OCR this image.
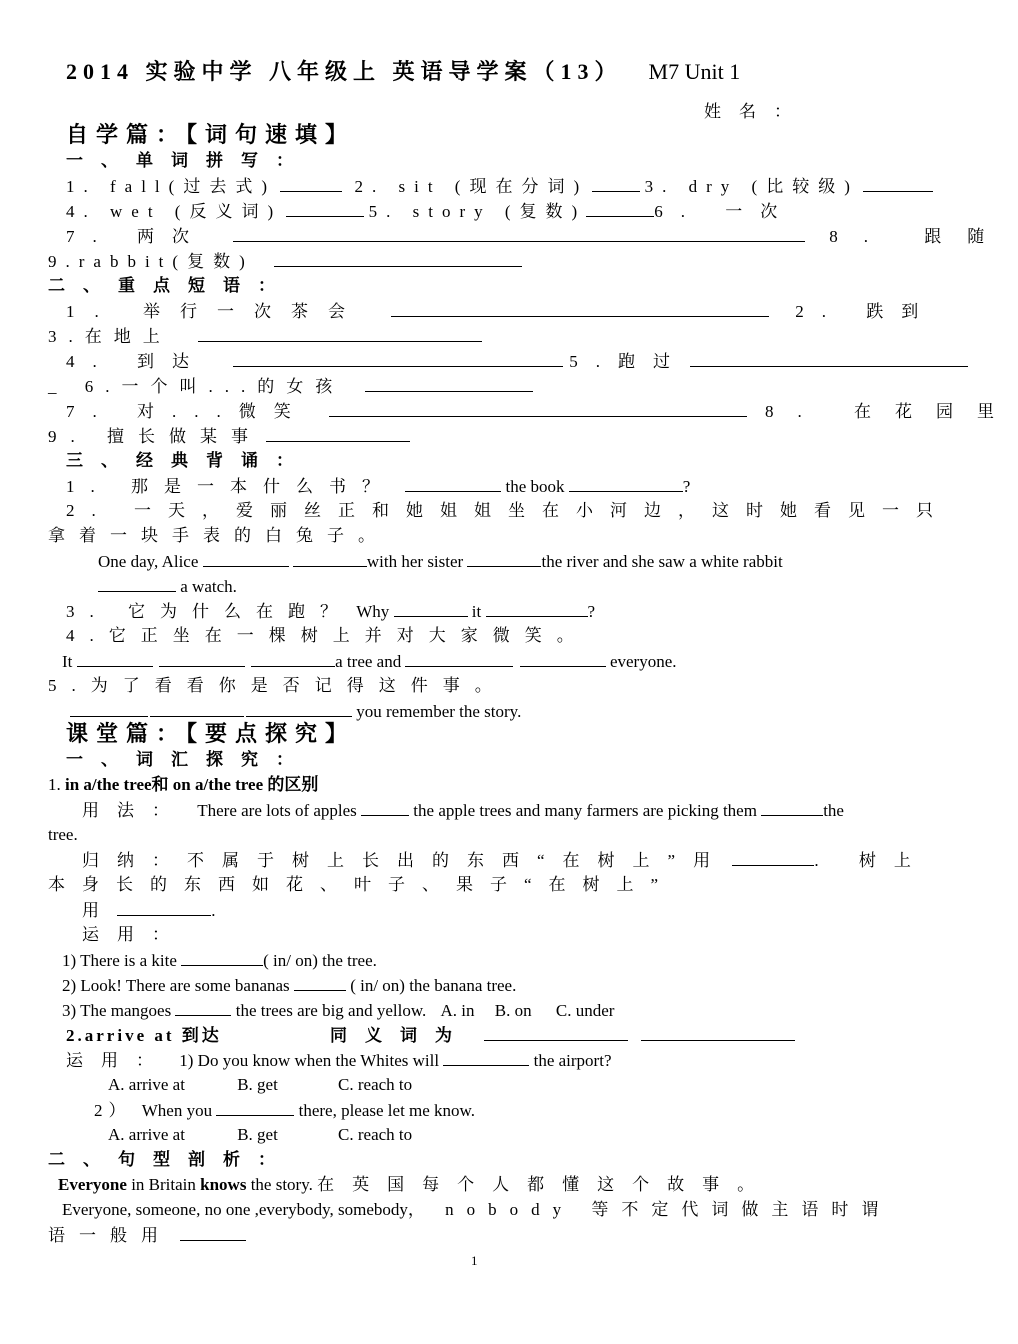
2014 实验中学 八年级上 英语导学案（13） M7 Unit 1
姓名：
自学篇：【词句速填】
一、单词拼写：
1. fall(过去式)	2. sit (现在分词)	3. dry (比较级)
4. wet (反义词)	5. story (复数)	6. 一次
7. 两次	8. 跟随
9.rabbit(复数)
二、重点短语：
1. 举行一次茶会	2. 跌到
3.在地上
4. 到达	5.跑过
_ 6.一个叫...的女孩
7. 对...微笑	8. 在花园里
9. 擅长做某事
三、经典背诵：
1. 那是一本什么书？	the book	?
2. 一天，爱丽丝正和她姐姐坐在小河边，这时她看见一只
拿着一块手表的白兔子。
One day, Alice	with her sister	the river and she saw a white rabbit
a watch.
3. 它为什么在跑？ Why	it	?
4.它正坐在一棵树上并对大家微笑。
It	a tree and	everyone.
5.为了看看你是否记得这件事。
you remember the story.
课堂篇：【要点探究】
一、词汇探究：
1. in a/the tree和 on a/the tree 的区别
用法： There are lots of apples	the apple trees and many farmers are picking them	the
tree.
归纳：不属于树上长出的东西“在树上”用	. 树上
本身长的东西如花、叶子、果子“在树上”
用	.
运用：
1) There is a kite	( in/ on) the tree.
2) Look! There are some bananas	( in/ on) the banana tree.
3) The mangoes	the trees are big and yellow. A. in B. on C. under
2.arrive at 到达	同义词为
运用： 1) Do you know when the Whites will	the airport?
A. arrive at	B. get	C. reach to
2） When you	there, please let me know.
A. arrive at	B. get	C. reach to
二、句型剖析：
Everyone in Britain knows the story. 在英国每个人都懂这个故事。
Everyone, someone, no one ,everybody, somebody， nobody 等不定代词做主语时谓
语一般用
1
